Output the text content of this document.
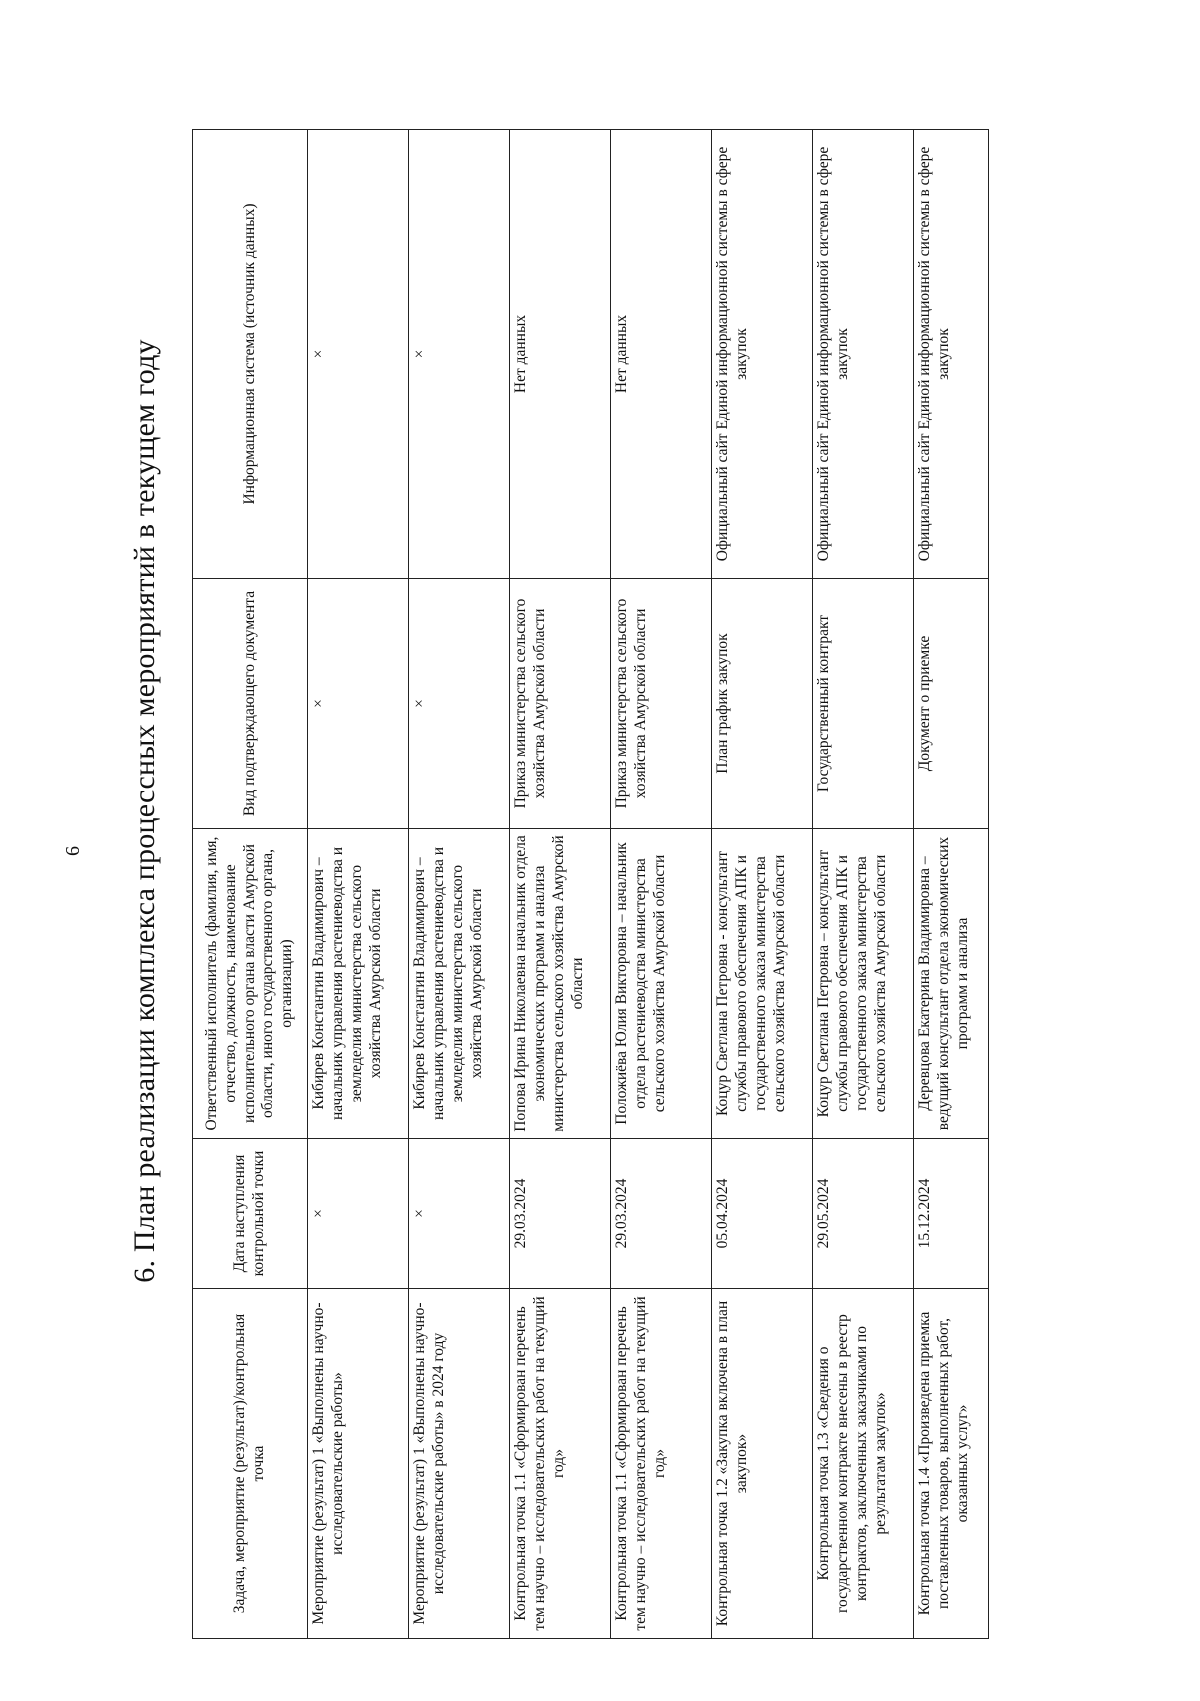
6 6. План реализации комплекса процессных мероприятий в текущем году
Задача, мероприятие (результат)/контрольная точка	Дата наступления контрольной точки	Ответственный исполнитель (фамилия, имя, отчество, должность, наименование исполнительного органа власти Амурской области, иного государственного органа, организации)	Вид подтверждающего документа	Информационная система (источник данных)
Мероприятие (результат) 1 «Выполнены научно-исследовательские работы»	×	Кибирев Константин Владимирович – начальник управления растениеводства и земледелия министерства сельского хозяйства Амурской области	×	×
Мероприятие (результат) 1 «Выполнены научно-исследовательские работы» в 2024 году	×	Кибирев Константин Владимирович – начальник управления растениеводства и земледелия министерства сельского хозяйства Амурской области	×	×
Контрольная точка 1.1 «Сформирован перечень тем научно – исследовательских работ на текущий год»	29.03.2024	Попова Ирина Николаевна начальник отдела экономических программ и анализа министерства сельского хозяйства Амурской области	Приказ министерства сельского хозяйства Амурской области	Нет данных
Контрольная точка 1.1 «Сформирован перечень тем научно – исследовательских работ на текущий год»	29.03.2024	Положиёва Юлия Викторовна – начальник отдела растениеводства министерства сельского хозяйства Амурской области	Приказ министерства сельского хозяйства Амурской области	Нет данных
Контрольная точка 1.2 «Закупка включена в план закупок»	05.04.2024	Коцур Светлана Петровна - консультант службы правового обеспечения АПК и государственного заказа министерства сельского хозяйства Амурской области	План график закупок	Официальный сайт Единой информационной системы в сфере закупок
Контрольная точка 1.3 «Сведения о государственном контракте внесены в реестр контрактов, заключенных заказчиками по результатам закупок»	29.05.2024	Коцур Светлана Петровна – консультант службы правового обеспечения АПК и государственного заказа министерства сельского хозяйства Амурской области	Государственный контракт	Официальный сайт Единой информационной системы в сфере закупок
Контрольная точка 1.4 «Произведена приемка поставленных товаров, выполненных работ, оказанных услуг»	15.12.2024	Деревцова Екатерина Владимировна – ведущий консультант отдела экономических программ и анализа	Документ о приемке	Официальный сайт Единой информационной системы в сфере закупок
